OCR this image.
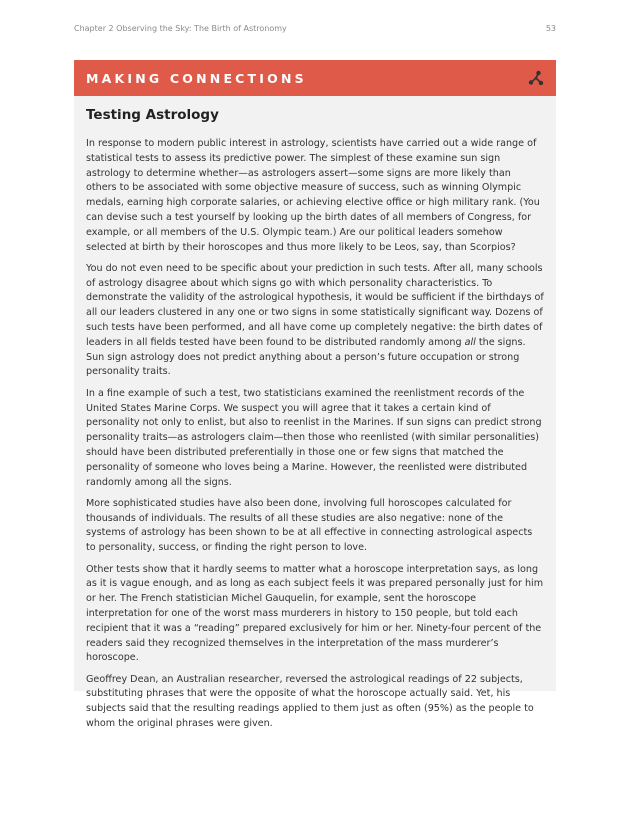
Chapter 2 Observing the Sky: The Birth of Astronomy	53
MAKING CONNECTIONS
Testing Astrology

In response to modern public interest in astrology, scientists have carried out a wide range of statistical tests to assess its predictive power. The simplest of these examine sun sign astrology to determine whether—as astrologers assert—some signs are more likely than others to be associated with some objective measure of success, such as winning Olympic medals, earning high corporate salaries, or achieving elective office or high military rank. (You can devise such a test yourself by looking up the birth dates of all members of Congress, for example, or all members of the U.S. Olympic team.) Are our political leaders somehow selected at birth by their horoscopes and thus more likely to be Leos, say, than Scorpios?

You do not even need to be specific about your prediction in such tests. After all, many schools of astrology disagree about which signs go with which personality characteristics. To demonstrate the validity of the astrological hypothesis, it would be sufficient if the birthdays of all our leaders clustered in any one or two signs in some statistically significant way. Dozens of such tests have been performed, and all have come up completely negative: the birth dates of leaders in all fields tested have been found to be distributed randomly among all the signs. Sun sign astrology does not predict anything about a person’s future occupation or strong personality traits.

In a fine example of such a test, two statisticians examined the reenlistment records of the United States Marine Corps. We suspect you will agree that it takes a certain kind of personality not only to enlist, but also to reenlist in the Marines. If sun signs can predict strong personality traits—as astrologers claim—then those who reenlisted (with similar personalities) should have been distributed preferentially in those one or few signs that matched the personality of someone who loves being a Marine. However, the reenlisted were distributed randomly among all the signs.

More sophisticated studies have also been done, involving full horoscopes calculated for thousands of individuals. The results of all these studies are also negative: none of the systems of astrology has been shown to be at all effective in connecting astrological aspects to personality, success, or finding the right person to love.

Other tests show that it hardly seems to matter what a horoscope interpretation says, as long as it is vague enough, and as long as each subject feels it was prepared personally just for him or her. The French statistician Michel Gauquelin, for example, sent the horoscope interpretation for one of the worst mass murderers in history to 150 people, but told each recipient that it was a “reading” prepared exclusively for him or her. Ninety-four percent of the readers said they recognized themselves in the interpretation of the mass murderer’s horoscope.

Geoffrey Dean, an Australian researcher, reversed the astrological readings of 22 subjects, substituting phrases that were the opposite of what the horoscope actually said. Yet, his subjects said that the resulting readings applied to them just as often (95%) as the people to whom the original phrases were given.
